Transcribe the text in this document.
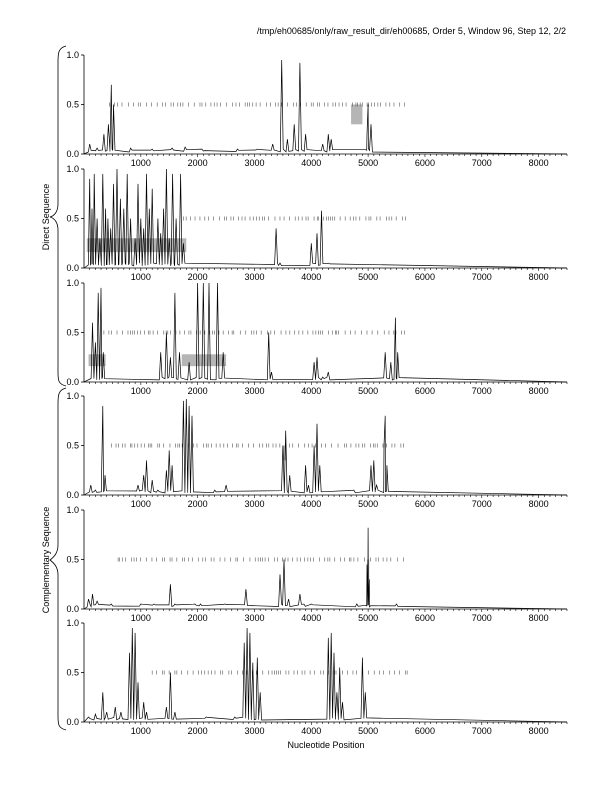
/tmp/eh00685/only/raw_result_dir/eh00685, Order 5, Window 96, Step 12, 2/2
Nucleotide Position
Direct Sequence
Complementary Sequence
0.0
0.5
1.0
1000	2000	3000	4000	5000	6000	7000	8000
0.0
0.5
1.0
1000	2000	3000	4000	5000	6000	7000	8000
0.0
0.5
1.0
1000	2000	3000	4000	5000	6000	7000	8000
0.0
0.5
1.0
1000	2000	3000	4000	5000	6000	7000	8000
0.0
0.5
1.0
1000	2000	3000	4000	5000	6000	7000	8000
0.0
0.5
1.0
1000	2000	3000	4000	5000	6000	7000	8000
